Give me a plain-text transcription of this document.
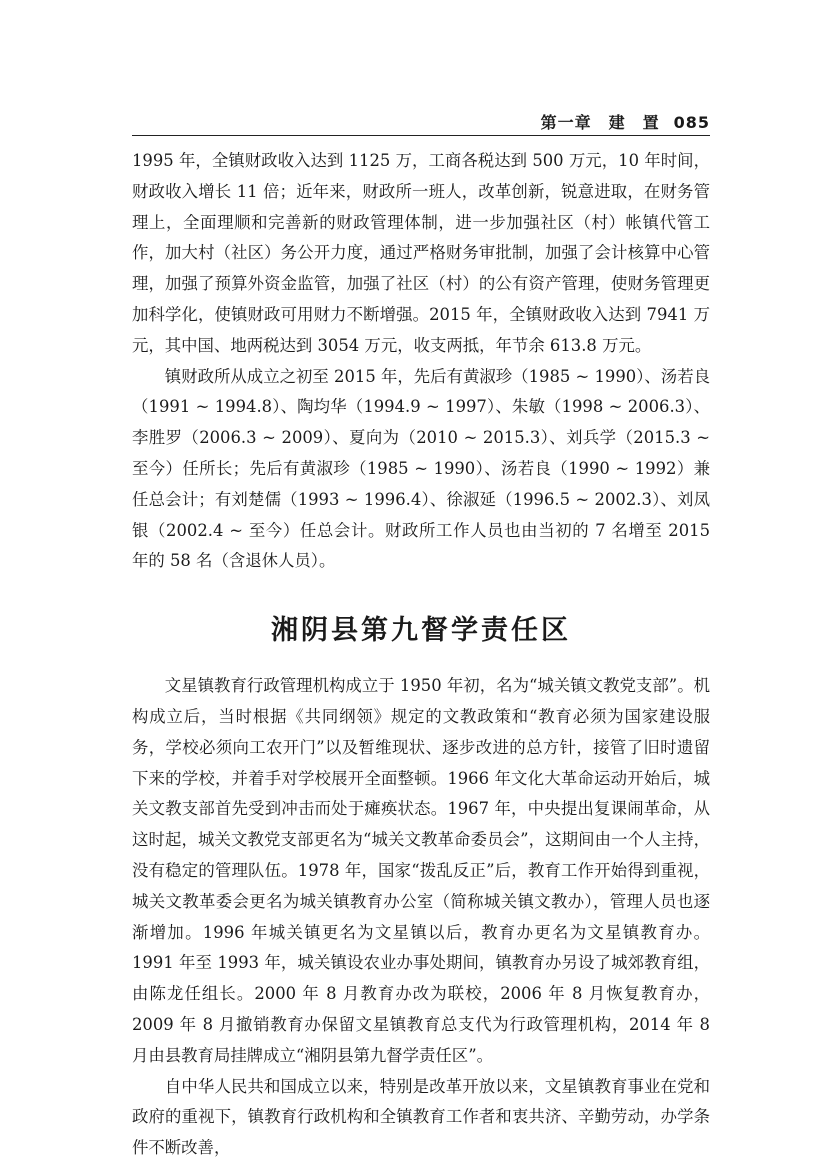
第一章　建　置 085

1995 年，全镇财政收入达到 1125 万，工商各税达到 500 万元，10 年时间，财政收入增长 11 倍；近年来，财政所一班人，改革创新，锐意进取，在财务管理上，全面理顺和完善新的财政管理体制，进一步加强社区（村）帐镇代管工作，加大村（社区）务公开力度，通过严格财务审批制，加强了会计核算中心管理，加强了预算外资金监管，加强了社区（村）的公有资产管理，使财务管理更加科学化，使镇财政可用财力不断增强。2015 年，全镇财政收入达到 7941 万元，其中国、地两税达到 3054 万元，收支两抵，年节余 613.8 万元。

镇财政所从成立之初至 2015 年，先后有黄淑珍（1985 ~ 1990）、汤若良（1991 ~ 1994.8）、陶均华（1994.9 ~ 1997）、朱敏（1998 ~ 2006.3）、李胜罗（2006.3 ~ 2009）、夏向为（2010 ~ 2015.3）、刘兵学（2015.3 ~ 至今）任所长；先后有黄淑珍（1985 ~ 1990）、汤若良（1990 ~ 1992）兼任总会计；有刘楚儒（1993 ~ 1996.4）、徐淑延（1996.5 ~ 2002.3）、刘凤银（2002.4 ~ 至今）任总会计。财政所工作人员也由当初的 7 名增至 2015 年的 58 名（含退休人员）。

湘阴县第九督学责任区

文星镇教育行政管理机构成立于 1950 年初，名为“城关镇文教党支部”。机构成立后，当时根据《共同纲领》规定的文教政策和“教育必须为国家建设服务，学校必须向工农开门”以及暂维现状、逐步改进的总方针，接管了旧时遗留下来的学校，并着手对学校展开全面整顿。1966 年文化大革命运动开始后，城关文教支部首先受到冲击而处于瘫痪状态。1967 年，中央提出复课闹革命，从这时起，城关文教党支部更名为“城关文教革命委员会”，这期间由一个人主持，没有稳定的管理队伍。1978 年，国家“拨乱反正”后，教育工作开始得到重视，城关文教革委会更名为城关镇教育办公室（简称城关镇文教办），管理人员也逐渐增加。1996 年城关镇更名为文星镇以后，教育办更名为文星镇教育办。1991 年至 1993 年，城关镇设农业办事处期间，镇教育办另设了城郊教育组，由陈龙任组长。2000 年 8 月教育办改为联校，2006 年 8 月恢复教育办，2009 年 8 月撤销教育办保留文星镇教育总支代为行政管理机构，2014 年 8 月由县教育局挂牌成立“湘阴县第九督学责任区”。

自中华人民共和国成立以来，特别是改革开放以来，文星镇教育事业在党和政府的重视下，镇教育行政机构和全镇教育工作者和衷共济、辛勤劳动，办学条件不断改善，
